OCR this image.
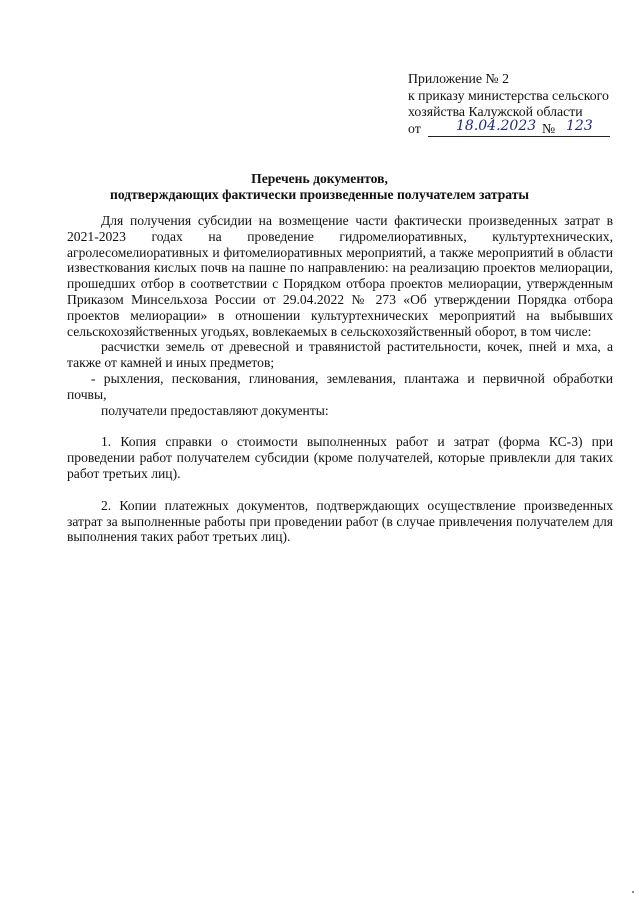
Приложение № 2
к приказу министерства сельского
хозяйства Калужской области
от	18.04.2023 № 123
Перечень документов,
подтверждающих фактически произведенные получателем затраты

Для получения субсидии на возмещение части фактически произведенных затрат в 2021-2023 годах на проведение гидромелиоративных, культуртехнических, агролесомелиоративных и фитомелиоративных мероприятий, а также мероприятий в области известкования кислых почв на пашне по направлению: на реализацию проектов мелиорации, прошедших отбор в соответствии с Порядком отбора проектов мелиорации, утвержденным Приказом Минсельхоза России от 29.04.2022 № 273 «Об утверждении Порядка отбора проектов мелиорации» в отношении культуртехнических мероприятий на выбывших сельскохозяйственных угодьях, вовлекаемых в сельскохозяйственный оборот, в том числе:

расчистки земель от древесной и травянистой растительности, кочек, пней и мха, а также от камней и иных предметов;

- рыхления, пескования, глинования, землевания, плантажа и первичной обработки почвы,

получатели предоставляют документы:

1. Копия справки о стоимости выполненных работ и затрат (форма КС-3) при проведении работ получателем субсидии (кроме получателей, которые привлекли для таких работ третьих лиц).

2. Копии платежных документов, подтверждающих осуществление произведенных затрат за выполненные работы при проведении работ (в случае привлечения получателем для выполнения таких работ третьих лиц).
